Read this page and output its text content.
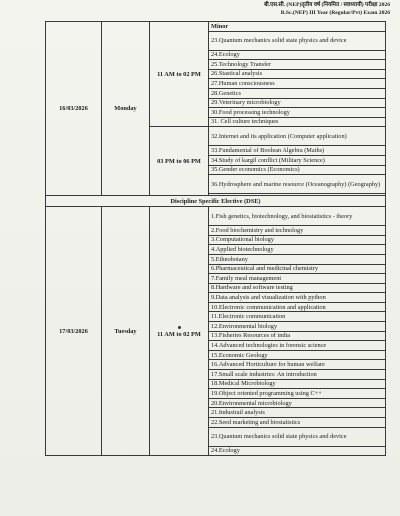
बी.एस.सी. (NEP)तृतीय वर्ष (नियमित / स्वाध्यायी) परीक्षा 2026
B.Sc.(NEP) III Year (Regular/Pvt) Exam 2026
16/03/2026	Monday	11 AM to 02 PM	Minor
			23.Quantum mechanics solid state physics and device
			24.Ecology
			25.Technology Transfer
			26.Stastical analysis
			27.Human consciousness
			28.Genetics
			29.Veterinary microbiology
			30.Food processing technology
			31. Cell culture techniques
		03 PM to 06 PM	32.Internet and its application (Computer application)
			33.Fundamental of Boolean Algebra (Maths)
			34.Study of kargil conflict (Military Science)
			35.Gender economics (Economics)
			36.Hydrosphere and marine resource (Oceanography) (Geography)

Discipline Specific Elective (DSE)			
17/03/2026	Tuesday	11 AM to 02 PM	1.Fish genetics, biotechnology, and biostatistics - theory
			2.Food biochemistry and technology
			3.Computational biology
			4.Applied biotechnology
			5.Ethnobotany
			6.Pharmaceutical and medicinal chemistry
			7.Family meal management
			8.Hardware and software testing
			9.Data analysis and visualization with python
			10.Electronic communication and application
			11.Electronic communication
			12.Environmental biology
			13.Fisheries Resources of india
			14.Advanced technologies in forensic science
			15.Economic Geology
			16.Advanced Horticulture for human welfare
			17.Small scale industries: An introduction
			18.Medical Microbiology
			19.Object oriented programming using C++
			20.Environmental microbiology
			21.Industrail analysis
			22.Seed marketing and biostatistics
			23.Quantum mechanics solid state physics and device
			24.Ecology
